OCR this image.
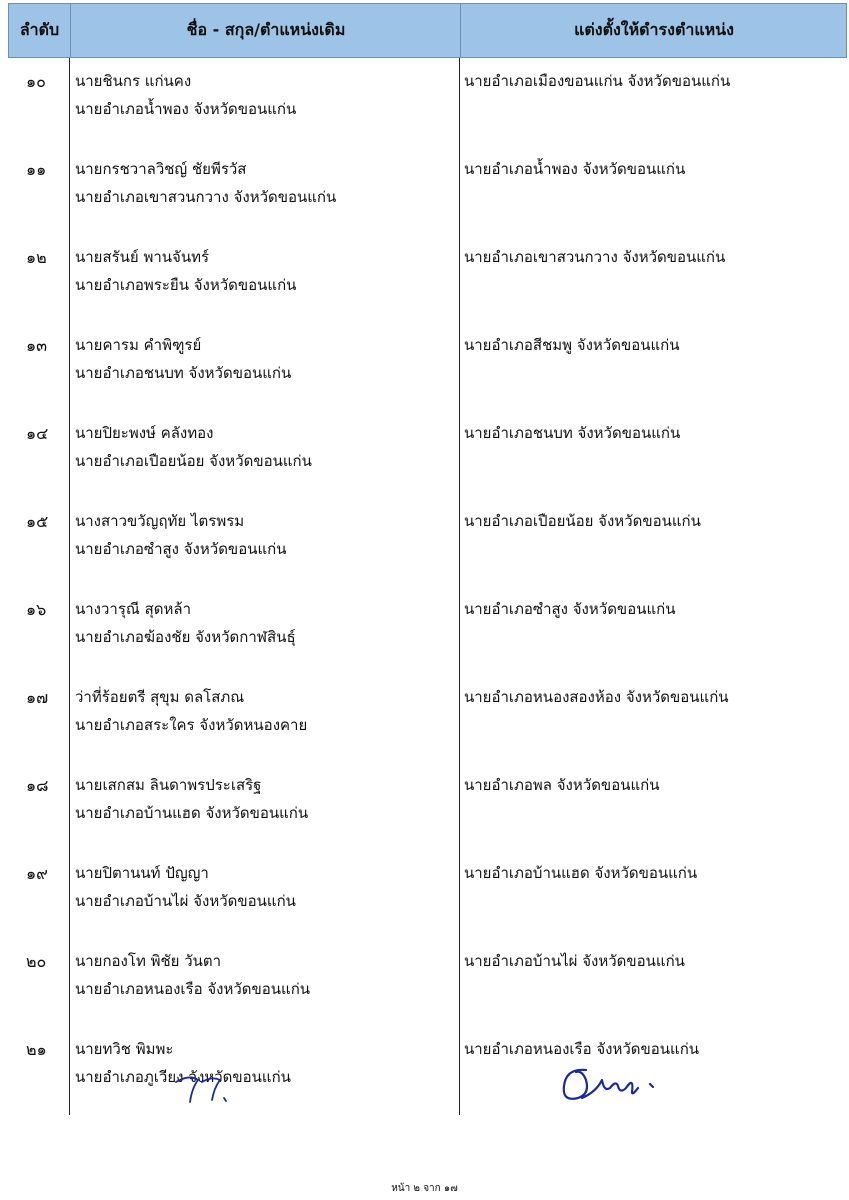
ลำดับ	ชื่อ - สกุล/ตำแหน่งเดิม	แต่งตั้งให้ดำรงตำแหน่ง
๑๐ นายชินกร แก่นคง
นายอำเภอน้ำพอง จังหวัดขอนแก่น
นายอำเภอเมืองขอนแก่น จังหวัดขอนแก่น
๑๑ นายกรชวาลวิชญ์ ชัยพีรวัส
นายอำเภอเขาสวนกวาง จังหวัดขอนแก่น
นายอำเภอน้ำพอง จังหวัดขอนแก่น
๑๒ นายสรันย์ พานจันทร์
นายอำเภอพระยืน จังหวัดขอนแก่น
นายอำเภอเขาสวนกวาง จังหวัดขอนแก่น
๑๓ นายคารม คำพิฑูรย์
นายอำเภอชนบท จังหวัดขอนแก่น
นายอำเภอสีชมพู จังหวัดขอนแก่น
๑๔ นายปิยะพงษ์ คลังทอง
นายอำเภอเปือยน้อย จังหวัดขอนแก่น
นายอำเภอชนบท จังหวัดขอนแก่น
๑๕ นางสาวขวัญฤทัย ไตรพรม
นายอำเภอซำสูง จังหวัดขอนแก่น
นายอำเภอเปือยน้อย จังหวัดขอนแก่น
๑๖ นางวารุณี สุดหล้า
นายอำเภอฆ้องชัย จังหวัดกาฬสินธุ์
นายอำเภอซำสูง จังหวัดขอนแก่น
๑๗ ว่าที่ร้อยตรี สุขุม ดลโสภณ
นายอำเภอสระใคร จังหวัดหนองคาย
นายอำเภอหนองสองห้อง จังหวัดขอนแก่น
๑๘ นายเสกสม ลินดาพรประเสริฐ
นายอำเภอบ้านแฮด จังหวัดขอนแก่น
นายอำเภอพล จังหวัดขอนแก่น
๑๙ นายปิตานนท์ ปัญญา
นายอำเภอบ้านไผ่ จังหวัดขอนแก่น
นายอำเภอบ้านแฮด จังหวัดขอนแก่น
๒๐ นายกองโท พิชัย วันตา
นายอำเภอหนองเรือ จังหวัดขอนแก่น
นายอำเภอบ้านไผ่ จังหวัดขอนแก่น
๒๑ นายทวิช พิมพะ
นายอำเภอภูเวียง จังหวัดขอนแก่น
นายอำเภอหนองเรือ จังหวัดขอนแก่น
หน้า ๒ จาก ๑๗
